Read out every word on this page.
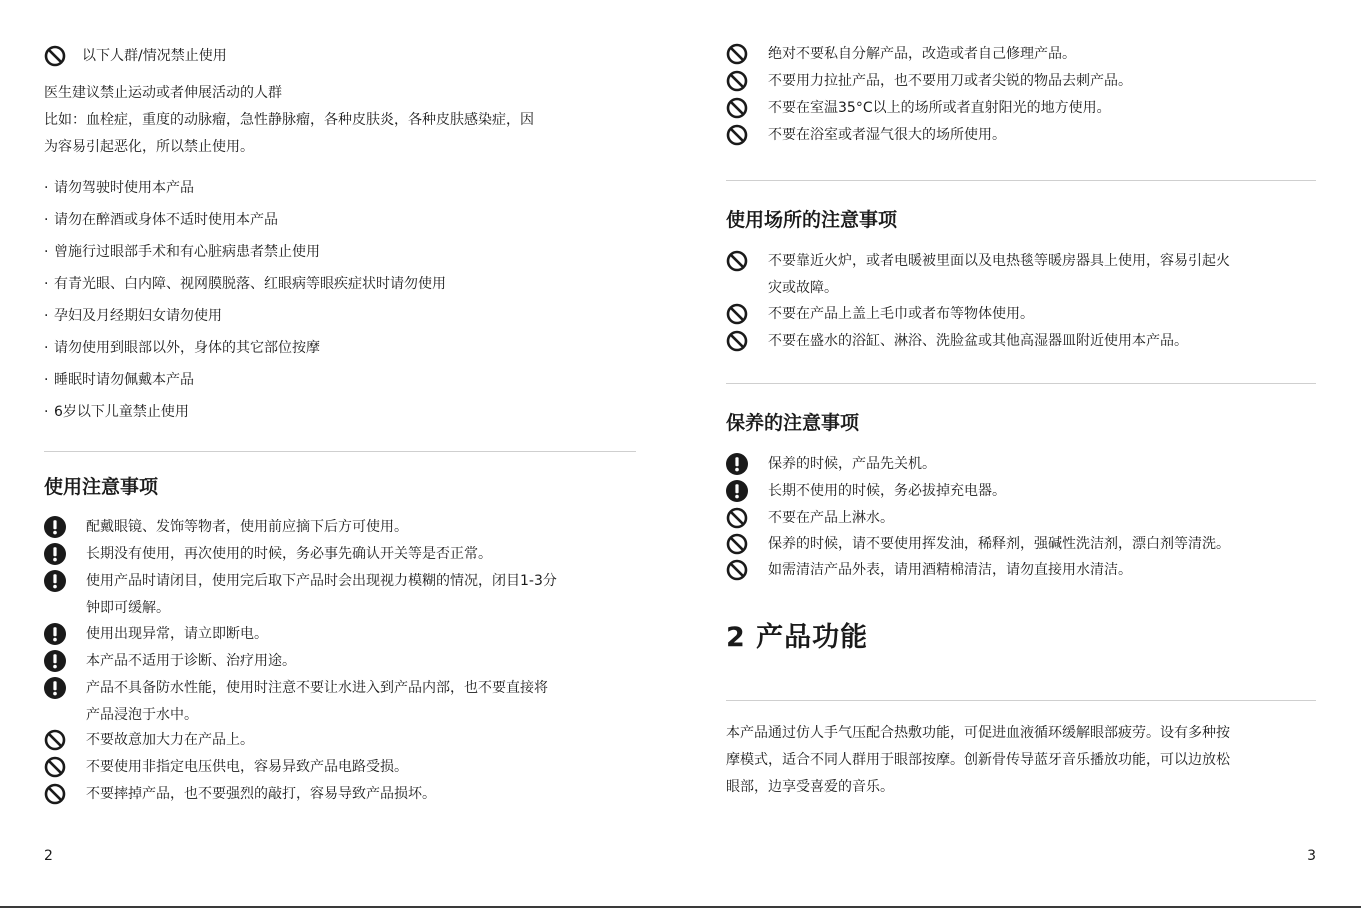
以下人群/情况禁止使用
医生建议禁止运动或者伸展活动的人群
比如：血栓症，重度的动脉瘤，急性静脉瘤，各种皮肤炎，各种皮肤感染症，因
为容易引起恶化，所以禁止使用。
· 请勿驾驶时使用本产品
· 请勿在醉酒或身体不适时使用本产品
· 曾施行过眼部手术和有心脏病患者禁止使用
· 有青光眼、白内障、视网膜脱落、红眼病等眼疾症状时请勿使用
· 孕妇及月经期妇女请勿使用
· 请勿使用到眼部以外，身体的其它部位按摩
· 睡眠时请勿佩戴本产品
· 6岁以下儿童禁止使用
使用注意事项
配戴眼镜、发饰等物者，使用前应摘下后方可使用。
长期没有使用，再次使用的时候，务必事先确认开关等是否正常。
使用产品时请闭目，使用完后取下产品时会出现视力模糊的情况，闭目1-3分
钟即可缓解。
使用出现异常，请立即断电。
本产品不适用于诊断、治疗用途。
产品不具备防水性能，使用时注意不要让水进入到产品内部，也不要直接将
产品浸泡于水中。
不要故意加大力在产品上。
不要使用非指定电压供电，容易异致产品电路受损。
不要摔掉产品，也不要强烈的敲打，容易导致产品损坏。
2
绝对不要私自分解产品，改造或者自己修理产品。
不要用力拉扯产品，也不要用刀或者尖锐的物品去刺产品。
不要在室温35°C以上的场所或者直射阳光的地方使用。
不要在浴室或者湿气很大的场所使用。
使用场所的注意事项
不要靠近火炉，或者电暖被里面以及电热毯等暖房器具上使用，容易引起火
灾或故障。
不要在产品上盖上毛巾或者布等物体使用。
不要在盛水的浴缸、淋浴、洗脸盆或其他高湿器皿附近使用本产品。
保养的注意事项
保养的时候，产品先关机。
长期不使用的时候，务必拔掉充电器。
不要在产品上淋水。
保养的时候，请不要使用挥发油，稀释剂，强碱性洗洁剂，漂白剂等清洗。
如需清洁产品外表，请用酒精棉清洁，请勿直接用水清洁。
2 产品功能
本产品通过仿人手气压配合热敷功能，可促进血液循环缓解眼部疲劳。设有多种按
摩模式，适合不同人群用于眼部按摩。创新骨传导蓝牙音乐播放功能，可以边放松
眼部，边享受喜爱的音乐。
3
